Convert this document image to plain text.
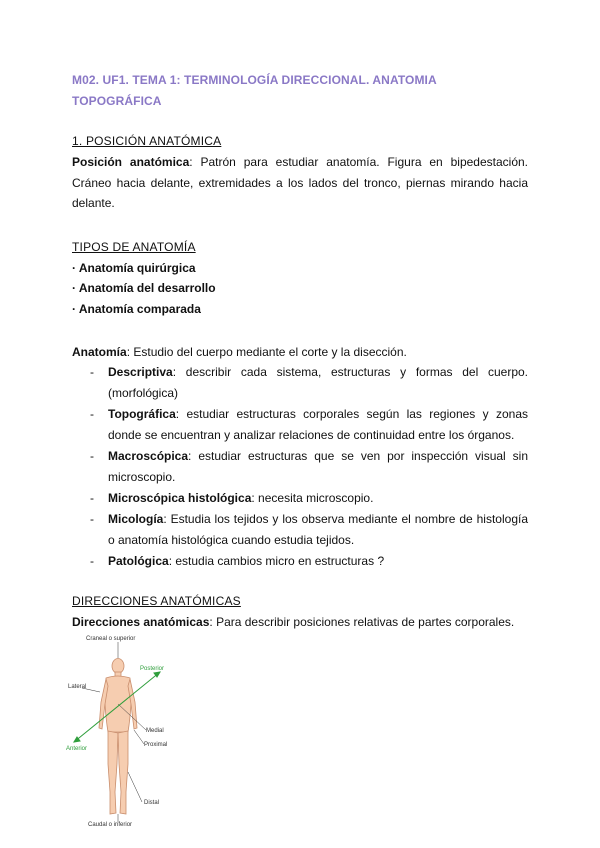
M02. UF1. TEMA 1: TERMINOLOGÍA DIRECCIONAL. ANATOMIA
TOPOGRÁFICA
1. POSICIÓN ANATÓMICA
Posición anatómica: Patrón para estudiar anatomía. Figura en bipedestación. Cráneo hacia delante, extremidades a los lados del tronco, piernas mirando hacia delante.
TIPOS DE ANATOMÍA
· Anatomía quirúrgica
· Anatomía del desarrollo
· Anatomía comparada
Anatomía: Estudio del cuerpo mediante el corte y la disección.
- Descriptiva: describir cada sistema, estructuras y formas del cuerpo. (morfológica)
- Topográfica: estudiar estructuras corporales según las regiones y zonas donde se encuentran y analizar relaciones de continuidad entre los órganos.
- Macroscópica: estudiar estructuras que se ven por inspección visual sin microscopio.
- Microscópica histológica: necesita microscopio.
- Micología: Estudia los tejidos y los observa mediante el nombre de histología o anatomía histológica cuando estudia tejidos.
- Patológica: estudia cambios micro en estructuras ?
DIRECCIONES ANATÓMICAS
Direcciones anatómicas: Para describir posiciones relativas de partes corporales.
Craneal o superior
Posterior
Lateral
Medial
Anterior
Proximal
Distal
Caudal o inferior
